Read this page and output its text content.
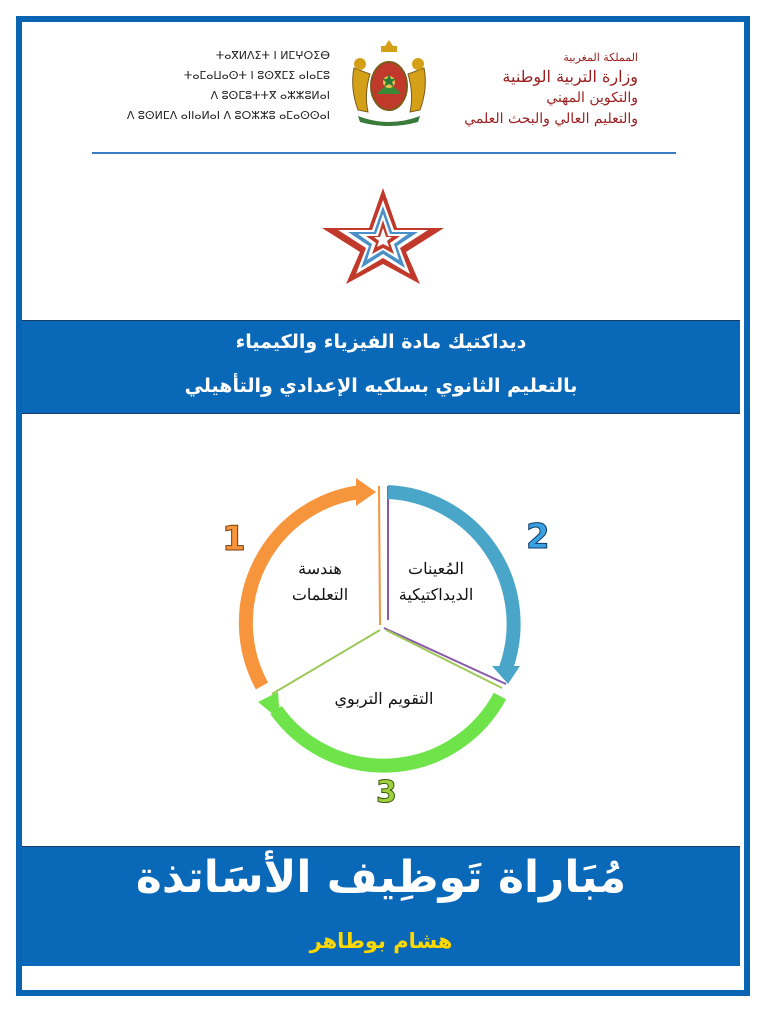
ⵜⴰⴳⵍⴷⵉⵜ ⵏ ⵍⵎⵖⵔⵉⴱ
ⵜⴰⵎⴰⵡⴰⵙⵜ ⵏ ⵓⵙⴳⵎⵉ ⴰⵏⴰⵎⵓ
ⴷ ⵓⵙⵎⵓⵜⵜⴳ ⴰⵣⵣⵓⵍⴰⵏ
ⴷ ⵓⵙⵍⵎⴷ ⴰⵏⵏⴰⵍⴰⵏ ⴷ ⵓⵔⵣⵣⵓ ⴰⵎⴰⵙⵙⴰⵏ
المملكة المغربية
وزارة التربية الوطنية
والتكوين المهني
والتعليم العالي والبحث العلمي
ديداكتيك مادة الفيزياء والكيمياء
بالتعليم الثانوي بسلكيه الإعدادي والتأهيلي
1	2
3
هندسة
التعلمات
المُعينات
الديداكتيكية
التقويم التربوي
مُبَاراة تَوظِيف الأسَاتذة
هشام بوطاهر
